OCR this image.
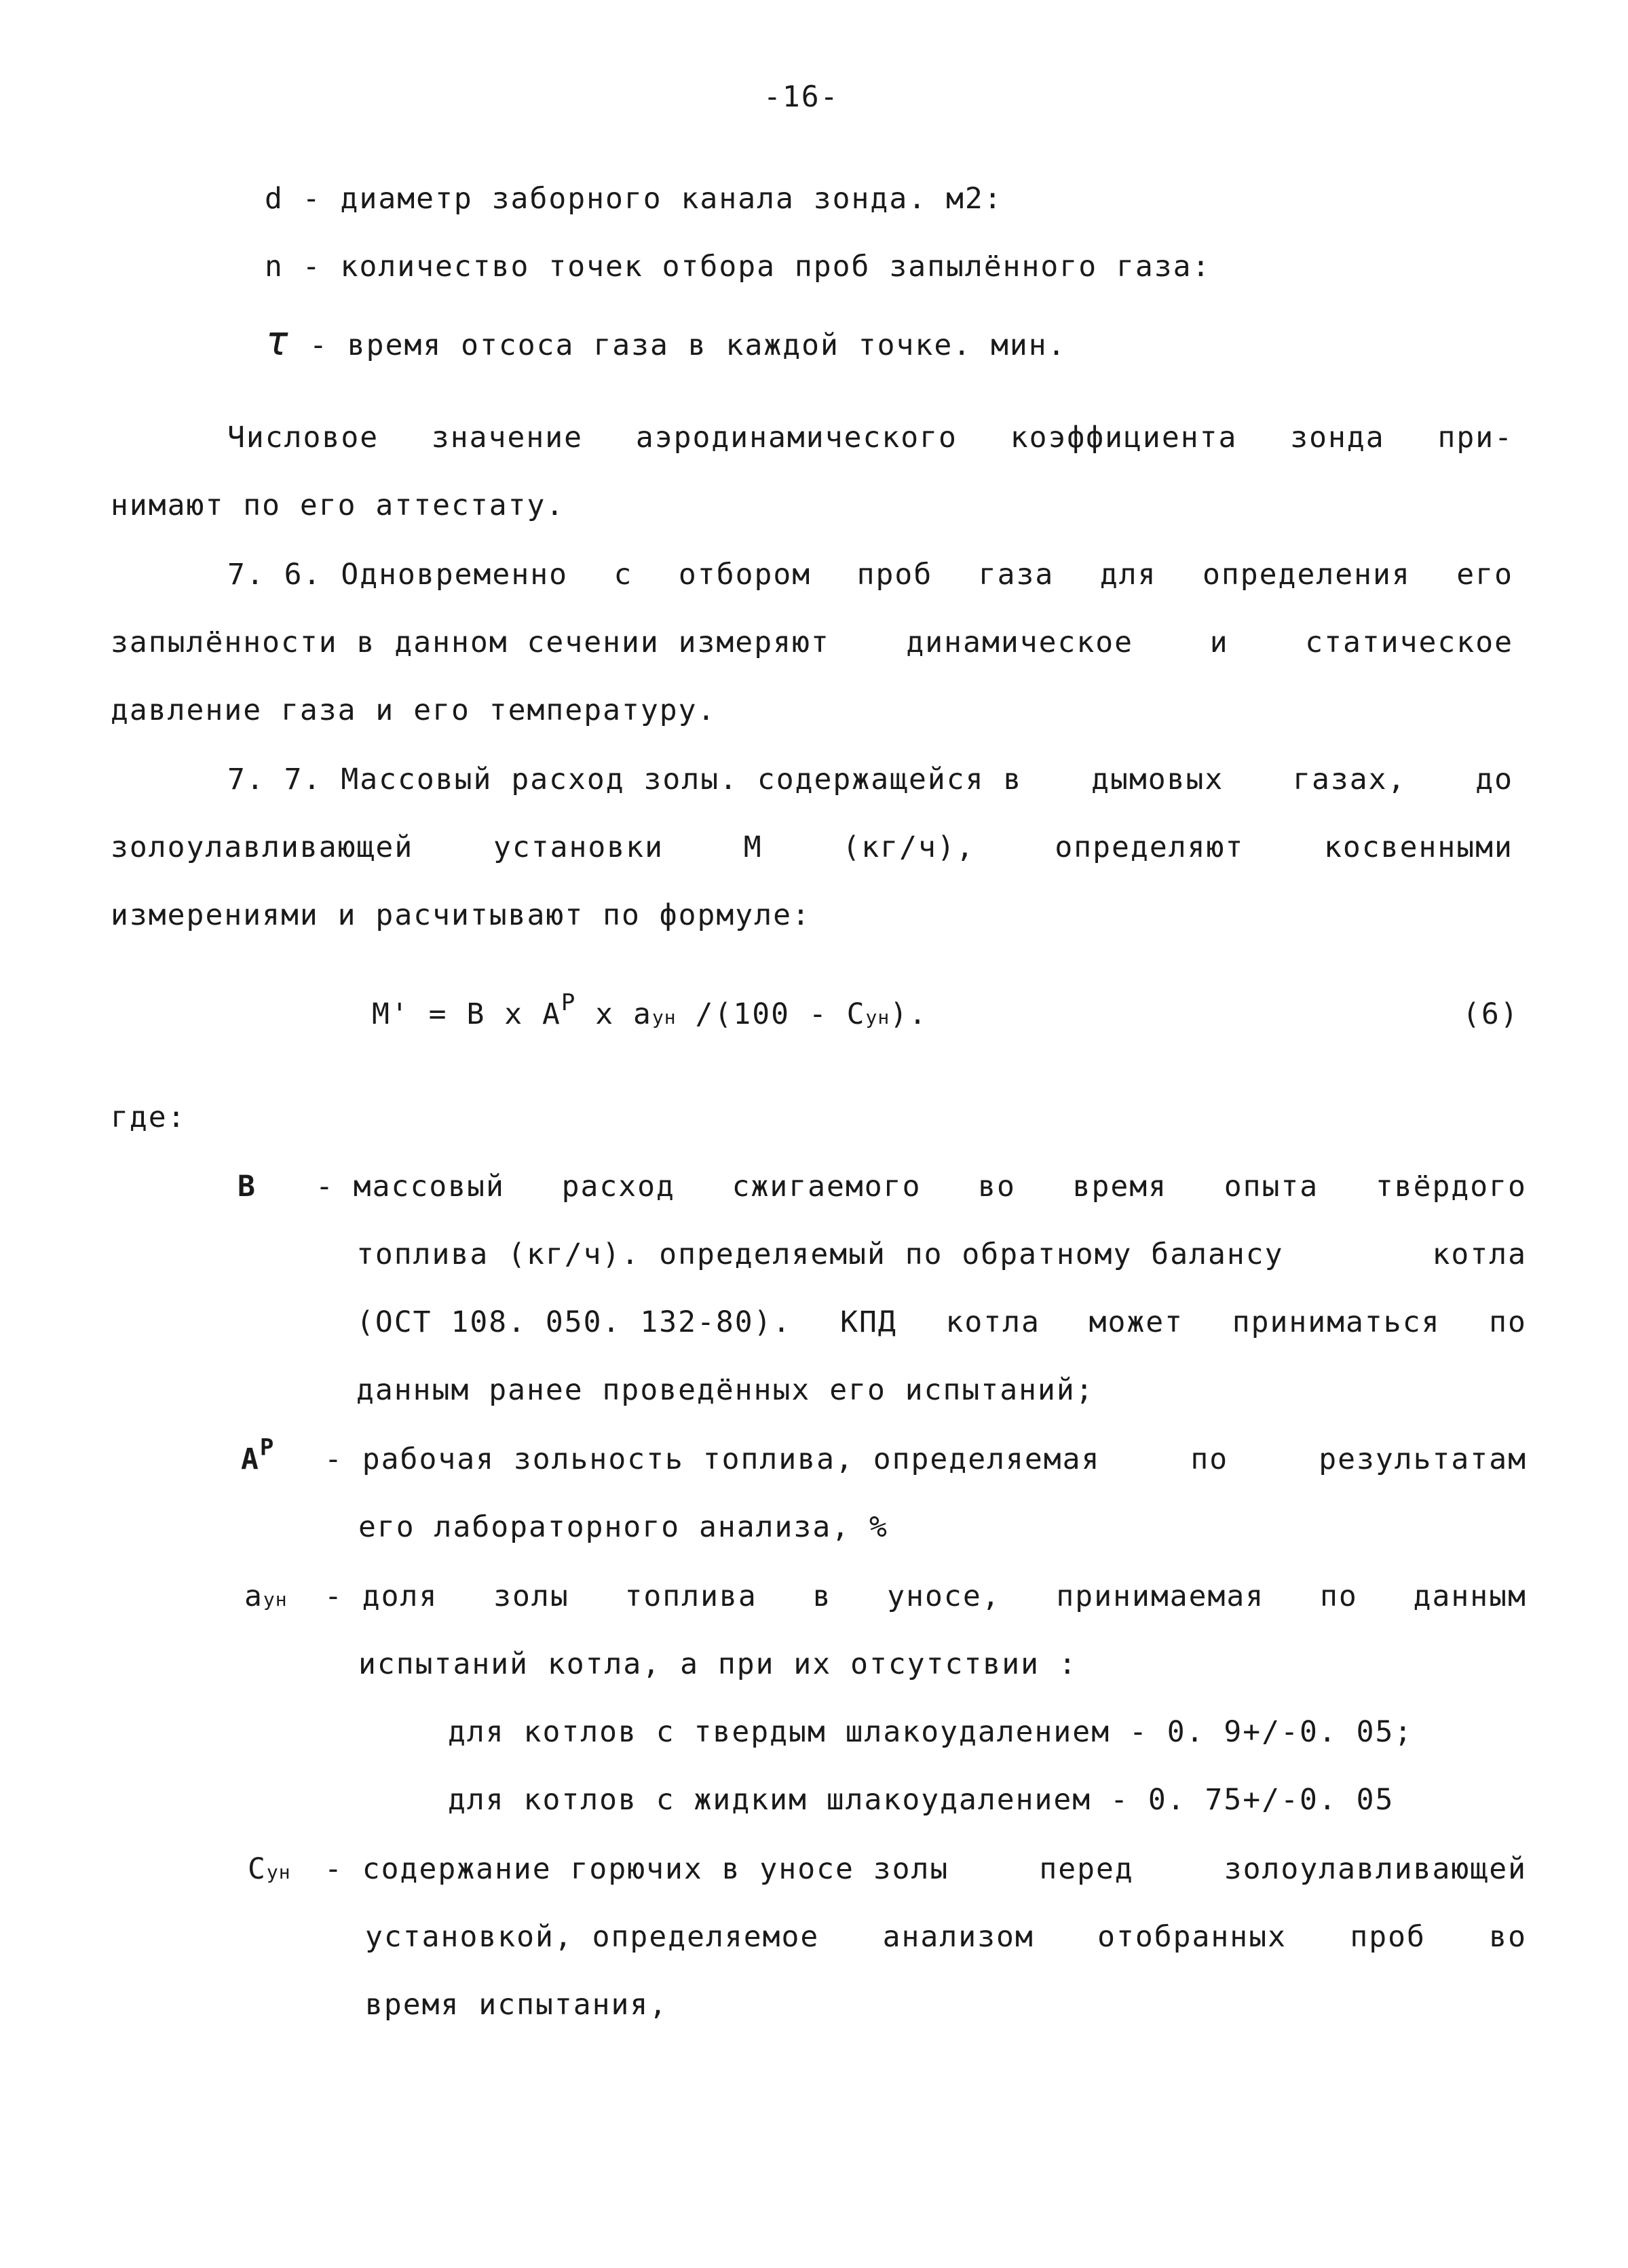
-16-
d - диаметр заборного канала зонда. м2:
n - количество точек отбора проб запылённого газа:
τ - время отсоса газа в каждой точке. мин.
Числовое значение аэродинамического коэффициента зонда при-
нимают по его аттестату.
7. 6. Одновременно с отбором проб газа для определения его
запылённости в данном сечении измеряют	динамическое	и	статическое
давление газа и его температуру.
7. 7. Массовый расход золы. содержащейся в дымовых газах, до
золоулавливающей	установки	М	(кг/ч),	определяют	косвенными
измерениями и расчитывают по формуле:
М' = В х $А^Р$ х аун /(100 - Сун).	(6)
где:
В - массовый расход сжигаемого во время опыта твёрдого
топлива (кг/ч). определяемый по обратному балансу	котла
(ОСТ 108. 050. 132-80). КПД котла может приниматься по
данным ранее проведённых его испытаний;
$А^Р$ - рабочая зольность топлива, определяемая	по	результатам
его лабораторного анализа, %
аун - доля золы топлива в уносе, принимаемая по данным
испытаний котла, а при их отсутствии :
для котлов с твердым шлакоудалением - 0. 9+/-0. 05;
для котлов с жидким шлакоудалением - 0. 75+/-0. 05
Сун - содержание горючих в уносе золы	перед	золоулавливающей
установкой, определяемое анализом отобранных проб во
время испытания,
